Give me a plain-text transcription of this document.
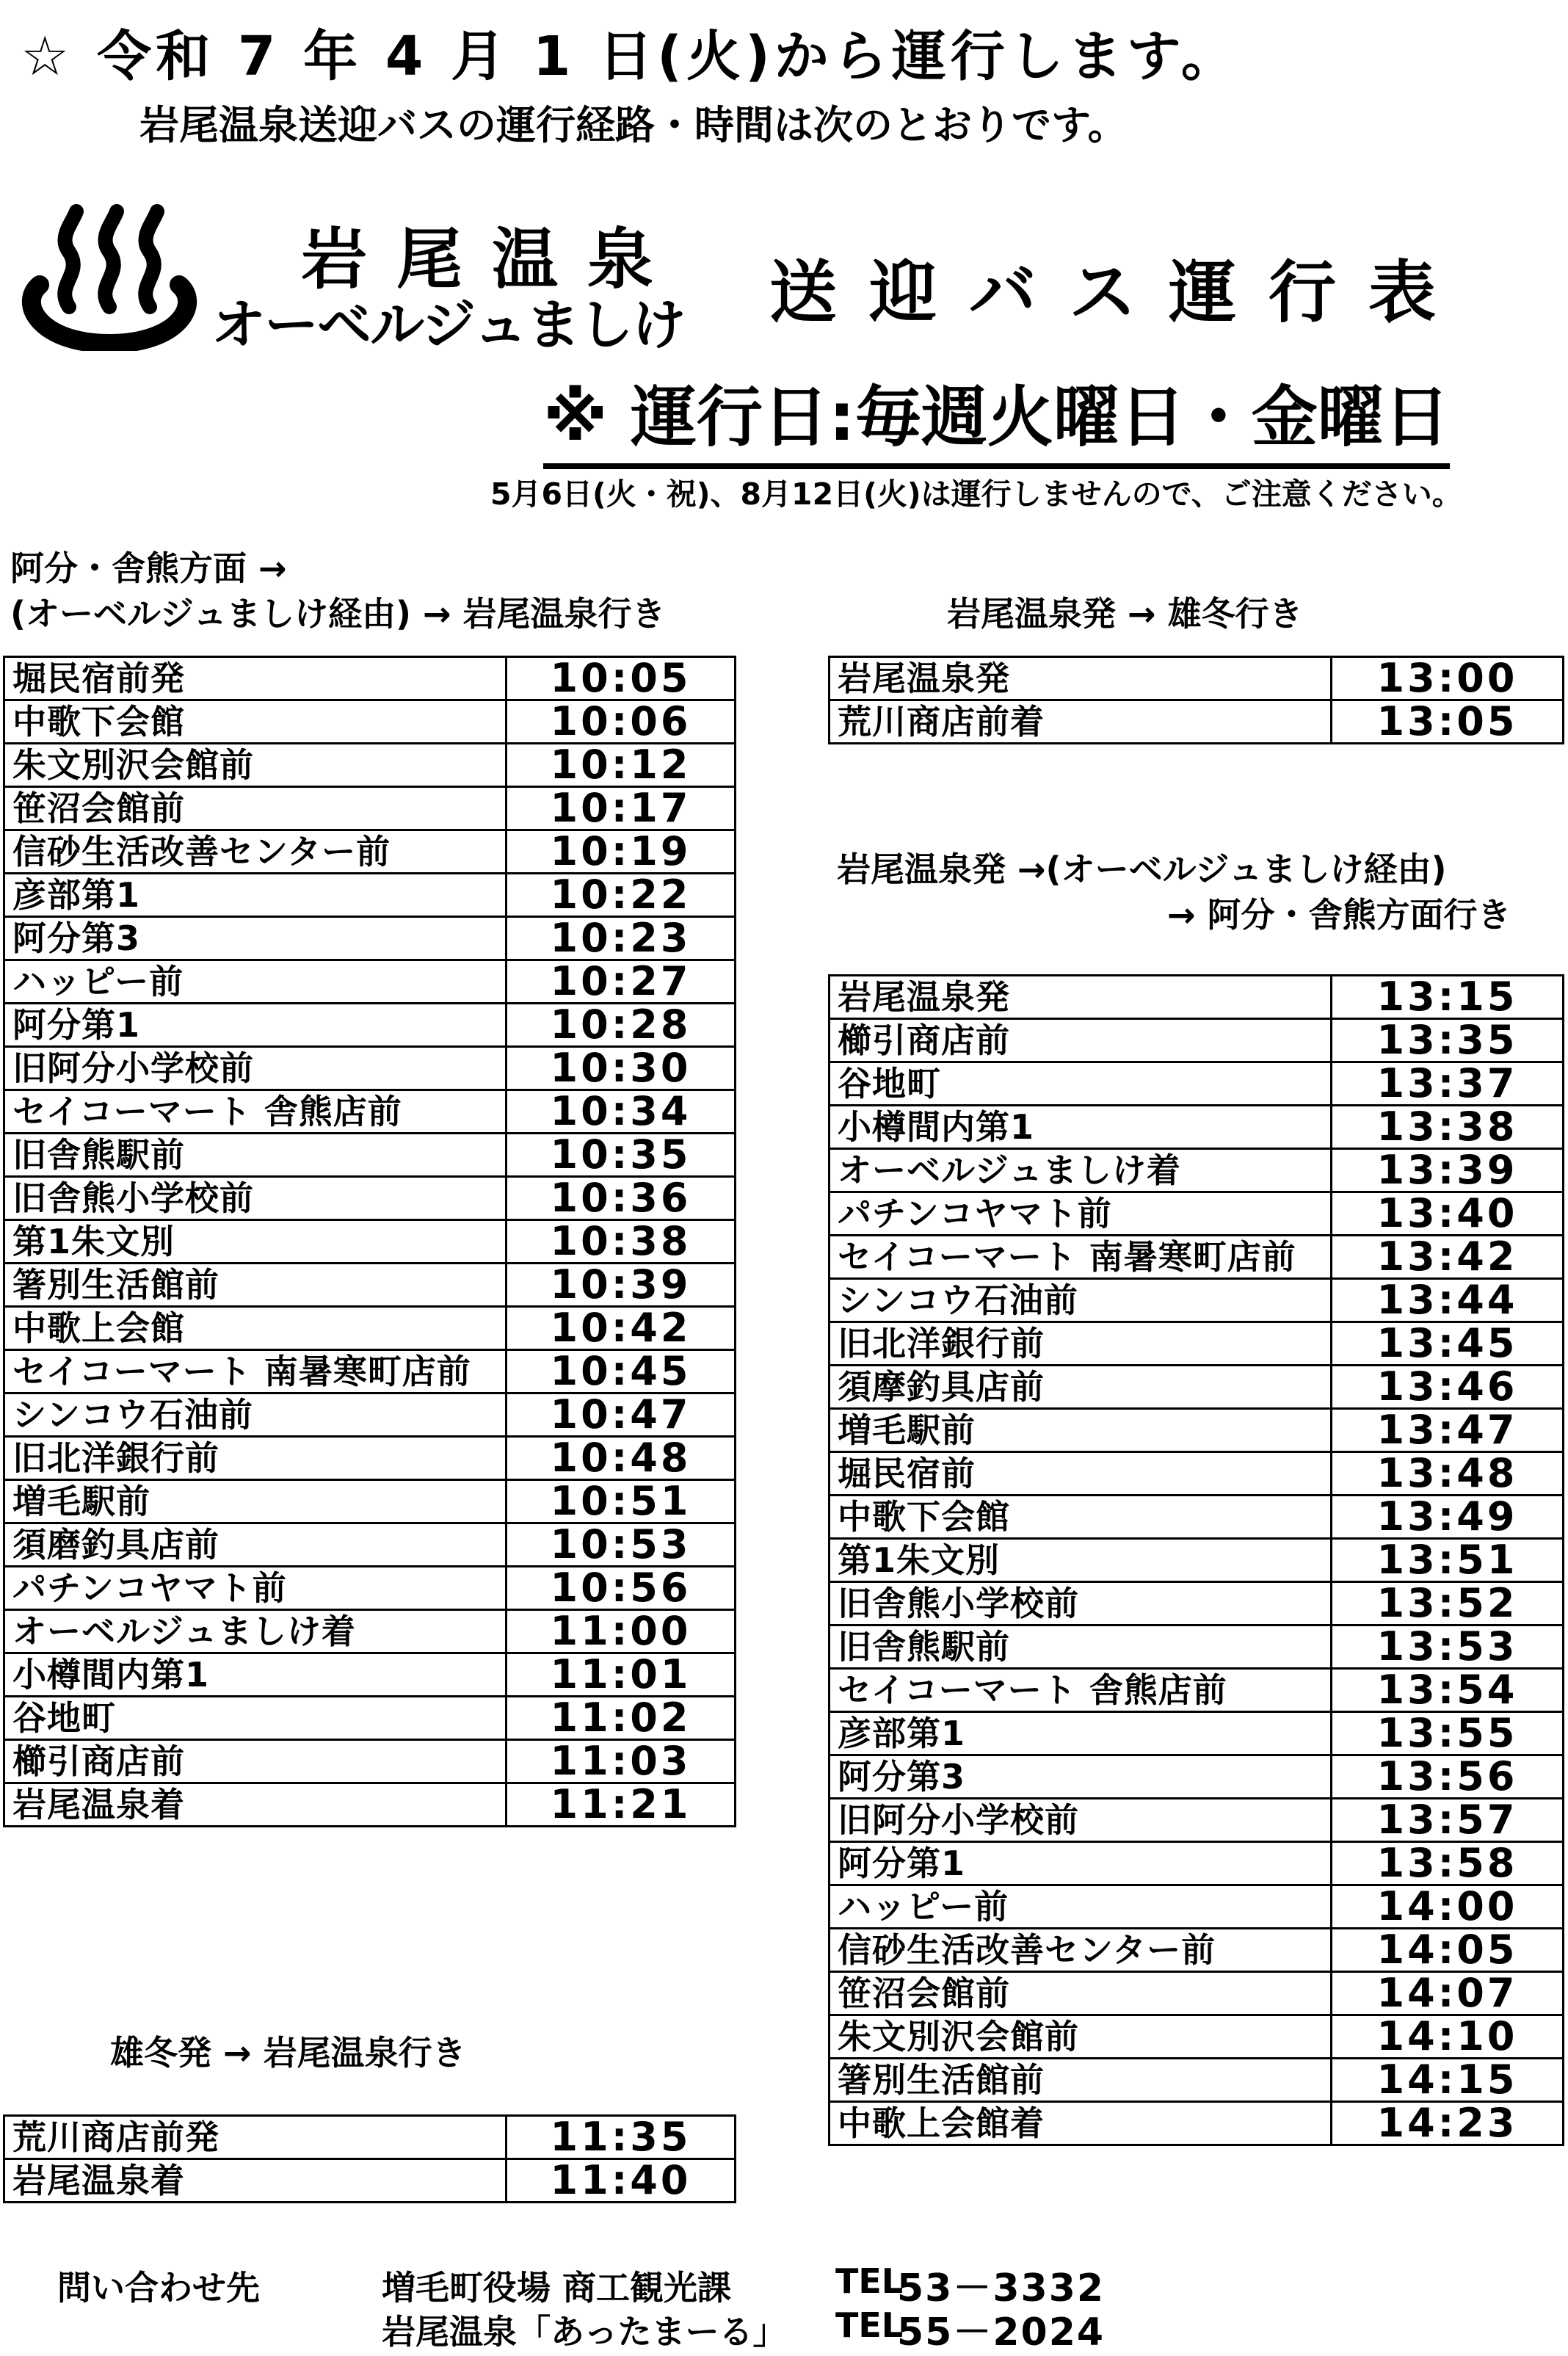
☆ 令和 7 年 4 月 1 日(火)から運行します。
岩尾温泉送迎バスの運行経路・時間は次のとおりです。
岩尾温泉
オーベルジュましけ 送迎バス運行表
※ 運行日:毎週火曜日・金曜日
5月6日(火・祝)、8月12日(火)は運行しませんので、ご注意ください。
阿分・舎熊方面 →
(オーベルジュましけ経由) → 岩尾温泉行き
堀民宿前発	10:05
中歌下会館	10:06
朱文別沢会館前	10:12
笹沼会館前	10:17
信砂生活改善センター前	10:19
彦部第1	10:22
阿分第3	10:23
ハッピー前	10:27
阿分第1	10:28
旧阿分小学校前	10:30
セイコーマート 舎熊店前	10:34
旧舎熊駅前	10:35
旧舎熊小学校前	10:36
第1朱文別	10:38
箸別生活館前	10:39
中歌上会館	10:42
セイコーマート 南暑寒町店前	10:45
シンコウ石油前	10:47
旧北洋銀行前	10:48
増毛駅前	10:51
須磨釣具店前	10:53
パチンコヤマト前	10:56
オーベルジュましけ着	11:00
小樽間内第1	11:01
谷地町	11:02
櫛引商店前	11:03
岩尾温泉着	11:21
岩尾温泉発 → 雄冬行き
岩尾温泉発	13:00
荒川商店前着	13:05
岩尾温泉発 →(オーベルジュましけ経由)
→ 阿分・舎熊方面行き
岩尾温泉発	13:15
櫛引商店前	13:35
谷地町	13:37
小樽間内第1	13:38
オーベルジュましけ着	13:39
パチンコヤマト前	13:40
セイコーマート 南暑寒町店前	13:42
シンコウ石油前	13:44
旧北洋銀行前	13:45
須摩釣具店前	13:46
増毛駅前	13:47
堀民宿前	13:48
中歌下会館	13:49
第1朱文別	13:51
旧舎熊小学校前	13:52
旧舎熊駅前	13:53
セイコーマート 舎熊店前	13:54
彦部第1	13:55
阿分第3	13:56
旧阿分小学校前	13:57
阿分第1	13:58
ハッピー前	14:00
信砂生活改善センター前	14:05
笹沼会館前	14:07
朱文別沢会館前	14:10
箸別生活館前	14:15
中歌上会館着	14:23
雄冬発 → 岩尾温泉行き
荒川商店前発	11:35
岩尾温泉着	11:40
問い合わせ先	増毛町役場 商工観光課	TEL
53－3332
岩尾温泉「あったまーる」 TEL
55－2024
